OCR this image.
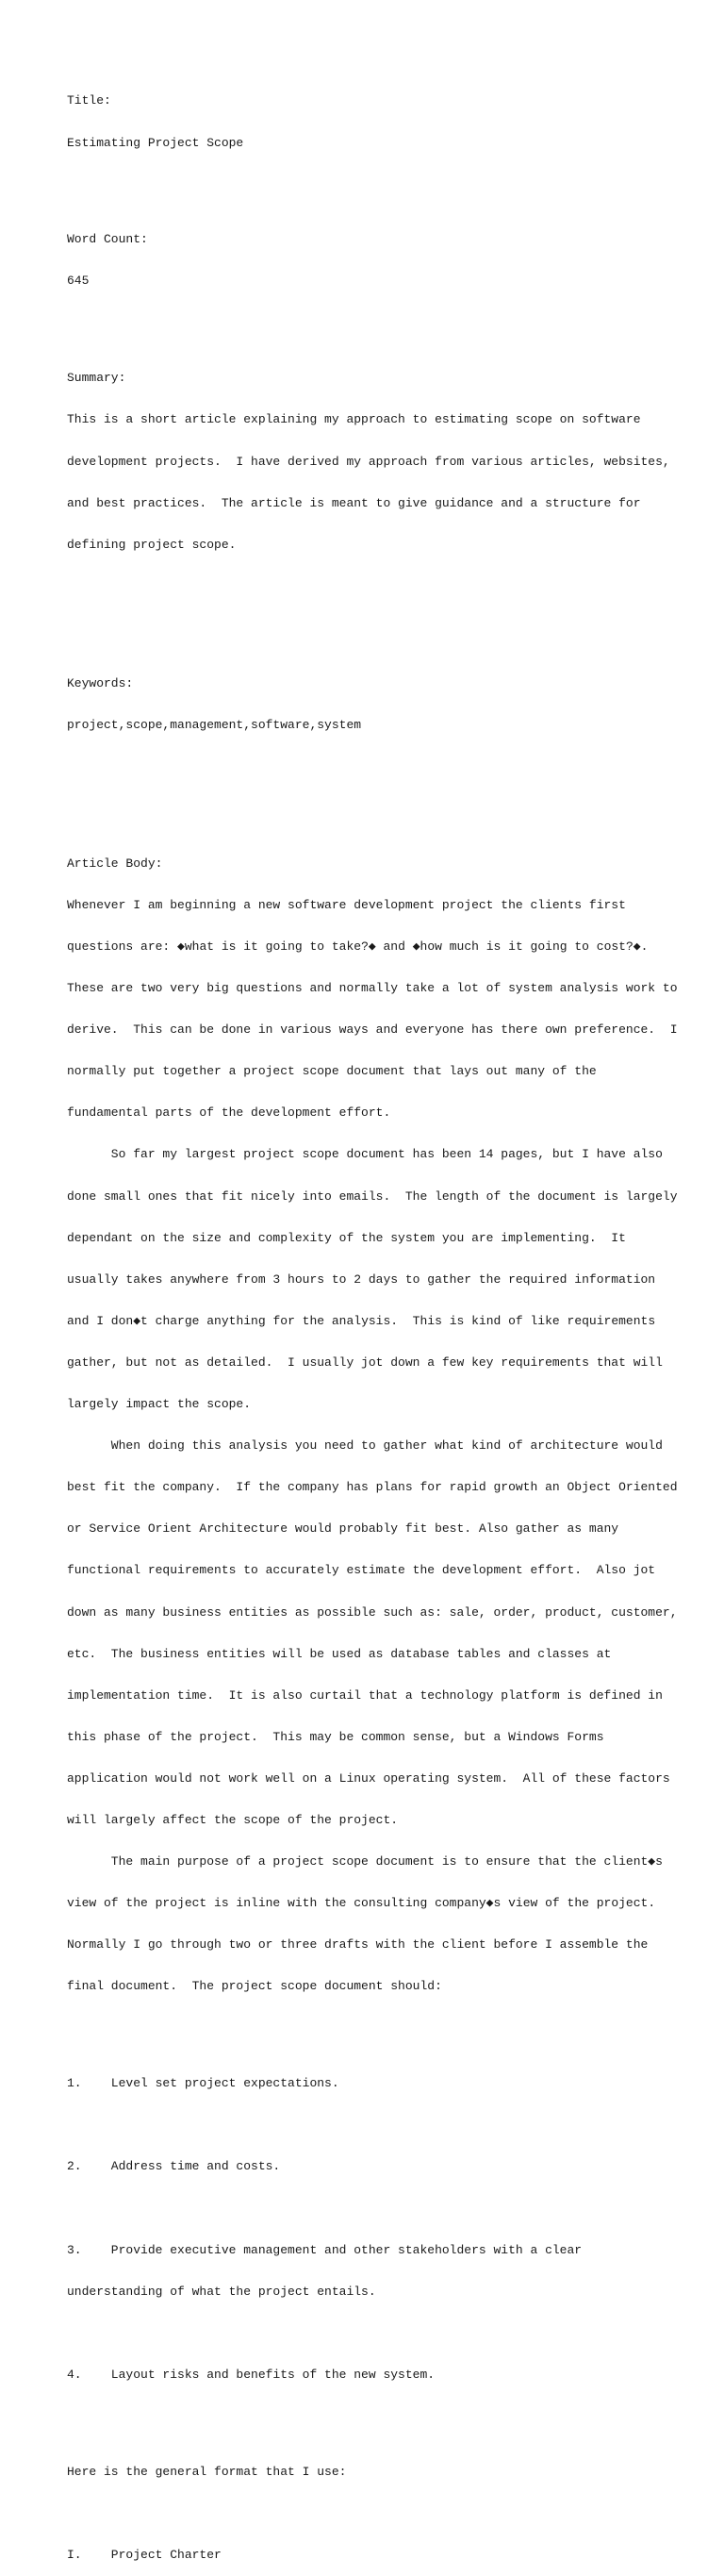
Title:

Estimating Project Scope

Word Count:

645

Summary:

This is a short article explaining my approach to estimating scope on software

development projects.  I have derived my approach from various articles, websites,

and best practices.  The article is meant to give guidance and a structure for

defining project scope.

Keywords:

project,scope,management,software,system

Article Body:

Whenever I am beginning a new software development project the clients first

questions are: ◆what is it going to take?◆ and ◆how much is it going to cost?◆.

These are two very big questions and normally take a lot of system analysis work to

derive.  This can be done in various ways and everyone has there own preference.  I

normally put together a project scope document that lays out many of the

fundamental parts of the development effort.

So far my largest project scope document has been 14 pages, but I have also

done small ones that fit nicely into emails.  The length of the document is largely

dependant on the size and complexity of the system you are implementing.  It

usually takes anywhere from 3 hours to 2 days to gather the required information

and I don◆t charge anything for the analysis.  This is kind of like requirements

gather, but not as detailed.  I usually jot down a few key requirements that will

largely impact the scope.

When doing this analysis you need to gather what kind of architecture would

best fit the company.  If the company has plans for rapid growth an Object Oriented

or Service Orient Architecture would probably fit best. Also gather as many

functional requirements to accurately estimate the development effort.  Also jot

down as many business entities as possible such as: sale, order, product, customer,

etc.  The business entities will be used as database tables and classes at

implementation time.  It is also curtail that a technology platform is defined in

this phase of the project.  This may be common sense, but a Windows Forms

application would not work well on a Linux operating system.  All of these factors

will largely affect the scope of the project.

The main purpose of a project scope document is to ensure that the client◆s

view of the project is inline with the consulting company◆s view of the project.

Normally I go through two or three drafts with the client before I assemble the

final document.  The project scope document should:

1.    Level set project expectations.

2.    Address time and costs.

3.    Provide executive management and other stakeholders with a clear

understanding of what the project entails.

4.    Layout risks and benefits of the new system.

Here is the general format that I use:

I.    Project Charter
